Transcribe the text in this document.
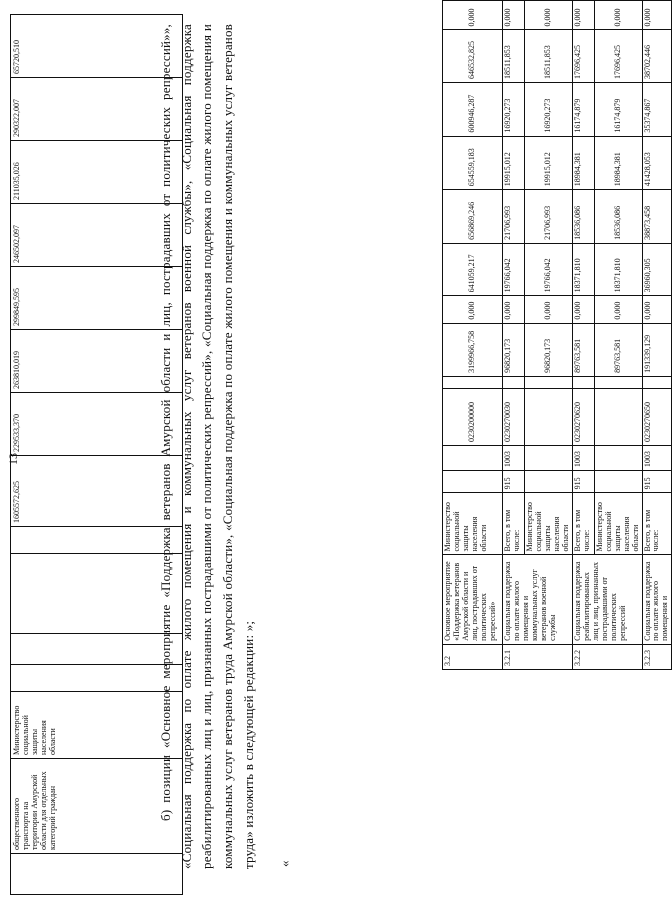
13
	общественного транспорта на территории Амурской области для отдельных категорий граждан	Министерство социальной защиты населения области					1605572,625	229533,370	263810,019	299849,595	246502,097	211035,026	290322,007	65720,510	б) позиции «Основное мероприятие «Поддержка ветеранов Амурской области и лиц, пострадавших от политических репрессий»», «Социальная поддержка по оплате жилого помещения и коммунальных услуг ветеранов военной службы», «Социальная поддержка реабилитированных лиц и лиц, признанных пострадавшими от политических репрессий», «Социальная поддержка по оплате жилого помещения и коммунальных услуг ветеранов труда Амурской области», «Социальная поддержка по оплате жилого помещения и коммунальных услуг ветеранов труда» изложить в следующей редакции: »;
«
3.2	Основное мероприятие «Поддержка ветеранов Амурской области и лиц, пострадавших от политических репрессий»	Министерство социальной защиты населения области			0230200000		3199966,758	0,000	641059,217	656869,246	654559,183	600946,287	646532,825	0,000
3.2.1	Социальная поддержка по оплате жилого помещения и коммунальных услуг ветеранов военной службы	Всего, в том числе:	915	1003	0230270030		96820,173	0,000	19766,042	21706,993	19915,012	16920,273	18511,853	0,000
		Министерство социальной защиты населения области					96820,173	0,000	19766,042	21706,993	19915,012	16920,273	18511,853	0,000
3.2.2	Социальная поддержка реабилитированных лиц и лиц, признанных пострадавшими от политических репрессий	Всего, в том числе:	915	1003	0230270620		89763,581	0,000	18371,810	18536,086	18984,381	16174,879	17696,425	0,000
		Министерство социальной защиты населения области					89763,581	0,000	18371,810	18536,086	18984,381	16174,879	17696,425	0,000
3.2.3	Социальная поддержка по оплате жилого помещения и	Всего, в том числе:	915	1003	0230270650		191339,129	0,000	36960,305	38873,458	41428,053	35374,867	38702,446	0,000
